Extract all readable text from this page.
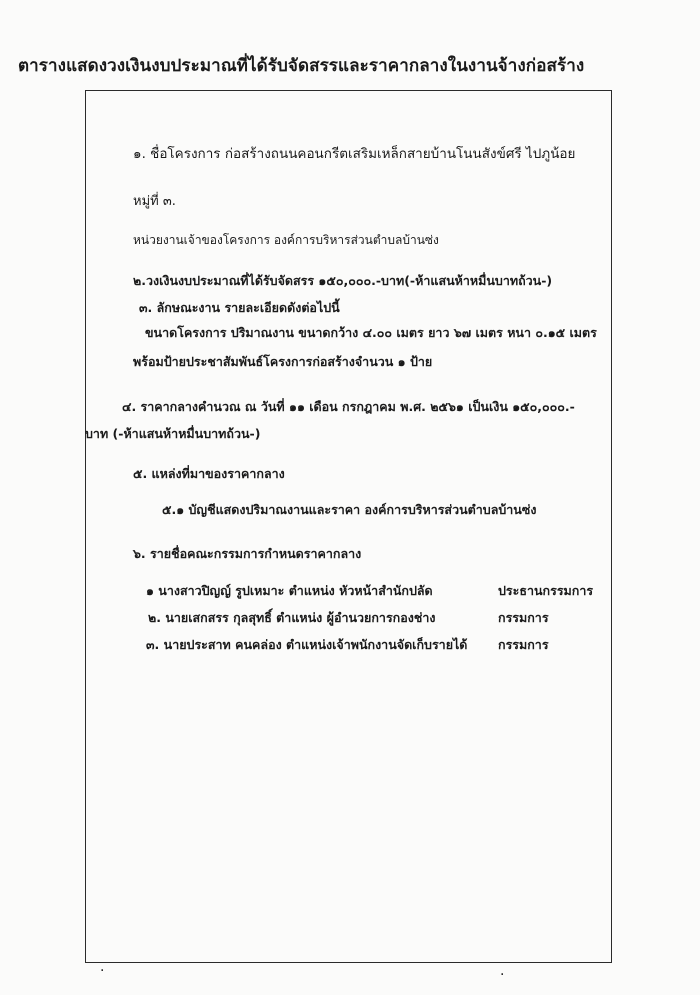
ตารางแสดงวงเงินงบประมาณที่ได้รับจัดสรรและราคากลางในงานจ้างก่อสร้าง
๑. ชื่อโครงการ ก่อสร้างถนนคอนกรีตเสริมเหล็กสายบ้านโนนสังข์ศรี ไปภูน้อย
หมู่ที่ ๓.
หน่วยงานเจ้าของโครงการ องค์การบริหารส่วนตำบลบ้านซ่ง
๒.วงเงินงบประมาณที่ได้รับจัดสรร ๑๕๐,๐๐๐.-บาท(-ห้าแสนห้าหมื่นบาทถ้วน-)
๓. ลักษณะงาน รายละเอียดดังต่อไปนี้
ขนาดโครงการ ปริมาณงาน ขนาดกว้าง ๔.๐๐ เมตร ยาว ๖๗ เมตร หนา ๐.๑๕ เมตร
พร้อมป้ายประชาสัมพันธ์โครงการก่อสร้างจำนวน ๑ ป้าย
๔. ราคากลางคำนวณ ณ วันที่ ๑๑ เดือน กรกฎาคม พ.ศ. ๒๕๖๑ เป็นเงิน ๑๕๐,๐๐๐.-
บาท (-ห้าแสนห้าหมื่นบาทถ้วน-)
๕. แหล่งที่มาของราคากลาง
๕.๑ บัญชีแสดงปริมาณงานและราคา องค์การบริหารส่วนตำบลบ้านซ่ง
๖. รายชื่อคณะกรรมการกำหนดราคากลาง
๑ นางสาวปิญญ์ รูปเหมาะ ตำแหน่ง หัวหน้าสำนักปลัด	ประธานกรรมการ
๒. นายเสกสรร กุลสุทธิ์ ตำแหน่ง ผู้อำนวยการกองช่าง	กรรมการ
๓. นายประสาท คนคล่อง ตำแหน่งเจ้าพนักงานจัดเก็บรายได้ กรรมการ
·	·
